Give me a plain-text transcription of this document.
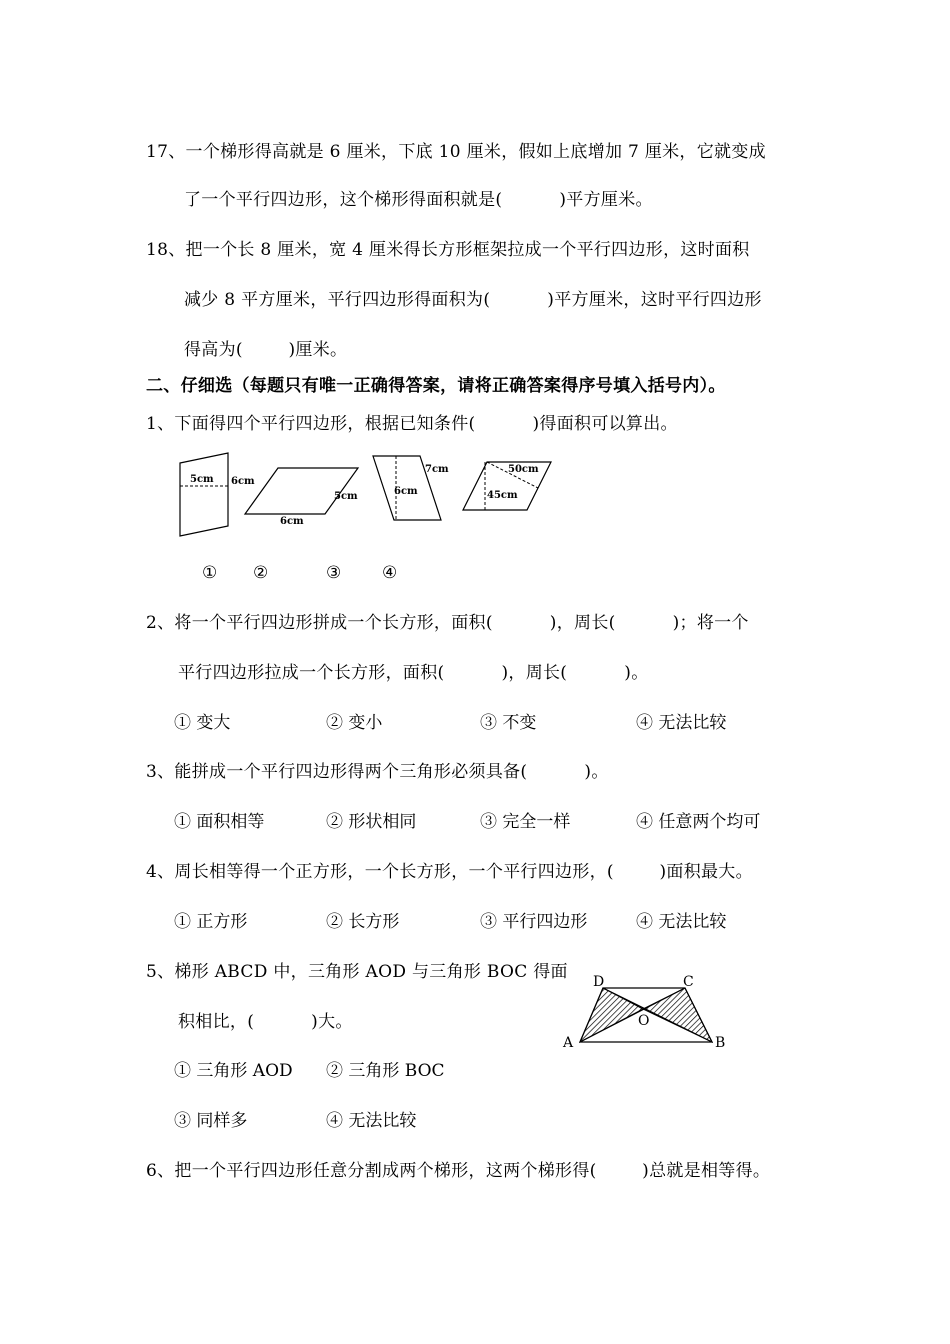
17、一个梯形得高就是 6 厘米，下底 10 厘米，假如上底增加 7 厘米，它就变成
了一个平行四边形，这个梯形得面积就是(          )平方厘米。
18、把一个长 8 厘米，宽 4 厘米得长方形框架拉成一个平行四边形，这时面积
减少 8 平方厘米，平行四边形得面积为(          )平方厘米，这时平行四边形
得高为(        )厘米。
二、仔细选（每题只有唯一正确得答案，请将正确答案得序号填入括号内）。
1、下面得四个平行四边形，根据已知条件(          )得面积可以算出。
5cm 6cm
5cm
6cm
7cm
6cm
50cm
45cm
① ②	③ ④
2、将一个平行四边形拼成一个长方形，面积(          )，周长(          )；将一个
平行四边形拉成一个长方形，面积(          )，周长(          )。
① 变大	② 变小	③ 不变	④ 无法比较
3、能拼成一个平行四边形得两个三角形必须具备(          )。
① 面积相等	② 形状相同	③ 完全一样	④ 任意两个均可
4、周长相等得一个正方形，一个长方形，一个平行四边形，(        )面积最大。
① 正方形	② 长方形	③ 平行四边形	④ 无法比较
5、梯形 ABCD 中，三角形 AOD 与三角形 BOC 得面
积相比，(          )大。
① 三角形 AOD ② 三角形 BOC
③ 同样多	④ 无法比较
A	B
C
D
O
6、把一个平行四边形任意分割成两个梯形，这两个梯形得(        )总就是相等得。
